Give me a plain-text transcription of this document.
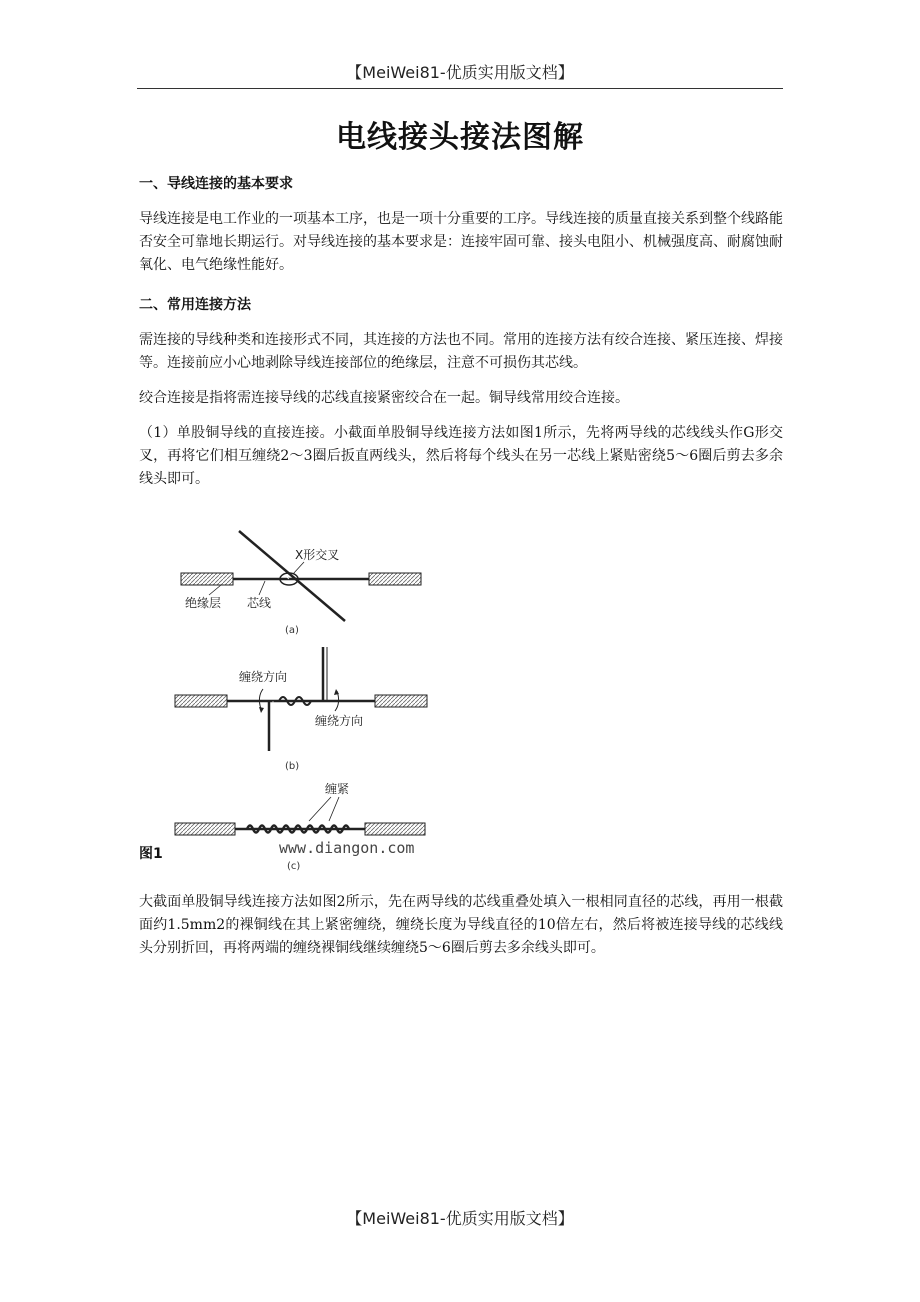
【MeiWei81-优质实用版文档】
电线接头接法图解
一、导线连接的基本要求

导线连接是电工作业的一项基本工序，也是一项十分重要的工序。导线连接的质量直接关系到整个线路能否安全可靠地长期运行。对导线连接的基本要求是：连接牢固可靠、接头电阻小、机械强度高、耐腐蚀耐氧化、电气绝缘性能好。

二、常用连接方法

需连接的导线种类和连接形式不同，其连接的方法也不同。常用的连接方法有绞合连接、紧压连接、焊接等。连接前应小心地剥除导线连接部位的绝缘层，注意不可损伤其芯线。

绞合连接是指将需连接导线的芯线直接紧密绞合在一起。铜导线常用绞合连接。

（1）单股铜导线的直接连接。小截面单股铜导线连接方法如图1所示，先将两导线的芯线线头作G形交叉，再将它们相互缠绕2～3圈后扳直两线头，然后将每个线头在另一芯线上紧贴密绕5～6圈后剪去多余线头即可。

X形交叉
绝缘层 芯线
(a)
缠绕方向
缠绕方向
(b)
缠紧
www.diangon.com
(c)
图1

大截面单股铜导线连接方法如图2所示，先在两导线的芯线重叠处填入一根相同直径的芯线，再用一根截面约1.5mm2的裸铜线在其上紧密缠绕，缠绕长度为导线直径的10倍左右，然后将被连接导线的芯线线头分别折回，再将两端的缠绕裸铜线继续缠绕5～6圈后剪去多余线头即可。

【MeiWei81-优质实用版文档】
